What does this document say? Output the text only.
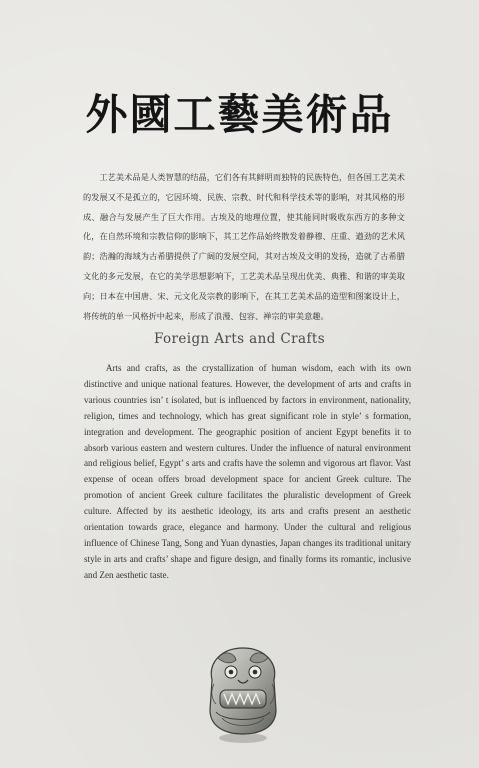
外國工藝美術品
工艺美术品是人类智慧的结晶，它们各有其鲜明而独特的民族特色，但各国工艺美术的发展又不是孤立的，它因环境、民族、宗教、时代和科学技术等的影响，对其风格的形成、融合与发展产生了巨大作用。古埃及的地理位置，使其能同时吸收东西方的多种文化，在自然环境和宗教信仰的影响下，其工艺作品始终散发着静穆、庄重、遒劲的艺术风韵；浩瀚的海域为古希腊提供了广阔的发展空间，其对古埃及文明的发扬，造就了古希腊文化的多元发展，在它的美学思想影响下，工艺美术品呈现出优美、典雅、和谐的审美取向；日本在中国唐、宋、元文化及宗教的影响下，在其工艺美术品的造型和图案设计上，将传统的单一风格折中起来，形成了浪漫、包容、禅宗的审美意趣。
Foreign Arts and Crafts
Arts and crafts, as the crystallization of human wisdom, each with its own distinctive and unique national features. However, the development of arts and crafts in various countries isn’ t isolated, but is influenced by factors in environment, nationality, religion, times and technology, which has great significant role in style’ s formation, integration and development. The geographic position of ancient Egypt benefits it to absorb various eastern and western cultures. Under the influence of natural environment and religious belief, Egypt’ s arts and crafts have the solemn and vigorous art flavor. Vast expense of ocean offers broad development space for ancient Greek culture. The promotion of ancient Greek culture facilitates the pluralistic development of Greek culture. Affected by its aesthetic ideology, its arts and crafts present an aesthetic orientation towards grace, elegance and harmony. Under the cultural and religious influence of Chinese Tang, Song and Yuan dynasties, Japan changes its traditional unitary style in arts and crafts’ shape and figure design, and finally forms its romantic, inclusive and Zen aesthetic taste.
